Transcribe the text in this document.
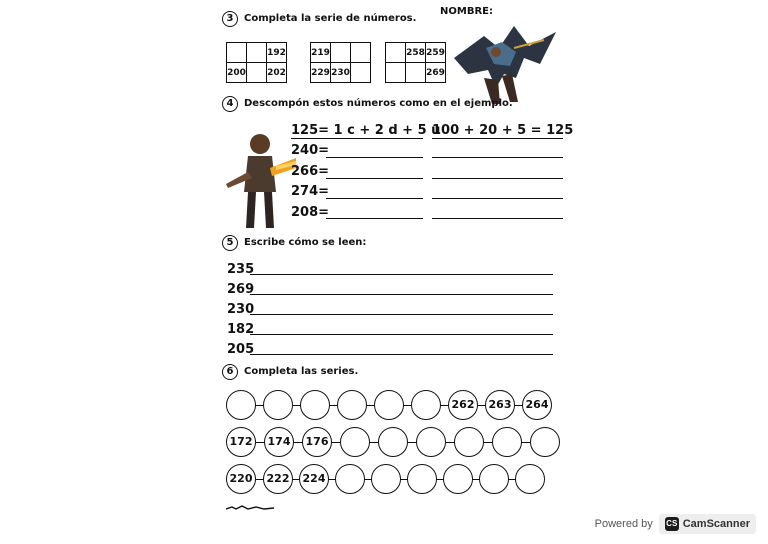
3	Completa la serie de números.
NOMBRE:
		192
200		202
219		
229	230	
	258	259
		269
4	Descompón estos números como en el ejemplo.
125= 1 c + 2 d + 5 u
100 + 20 + 5 = 125
240=
266=
274=
208=
5	Escribe cómo se leen:
235
269
230
182
205
6	Completa las series.
262	263	264
172	174	176
220	222	224
Powered by CS CamScanner
